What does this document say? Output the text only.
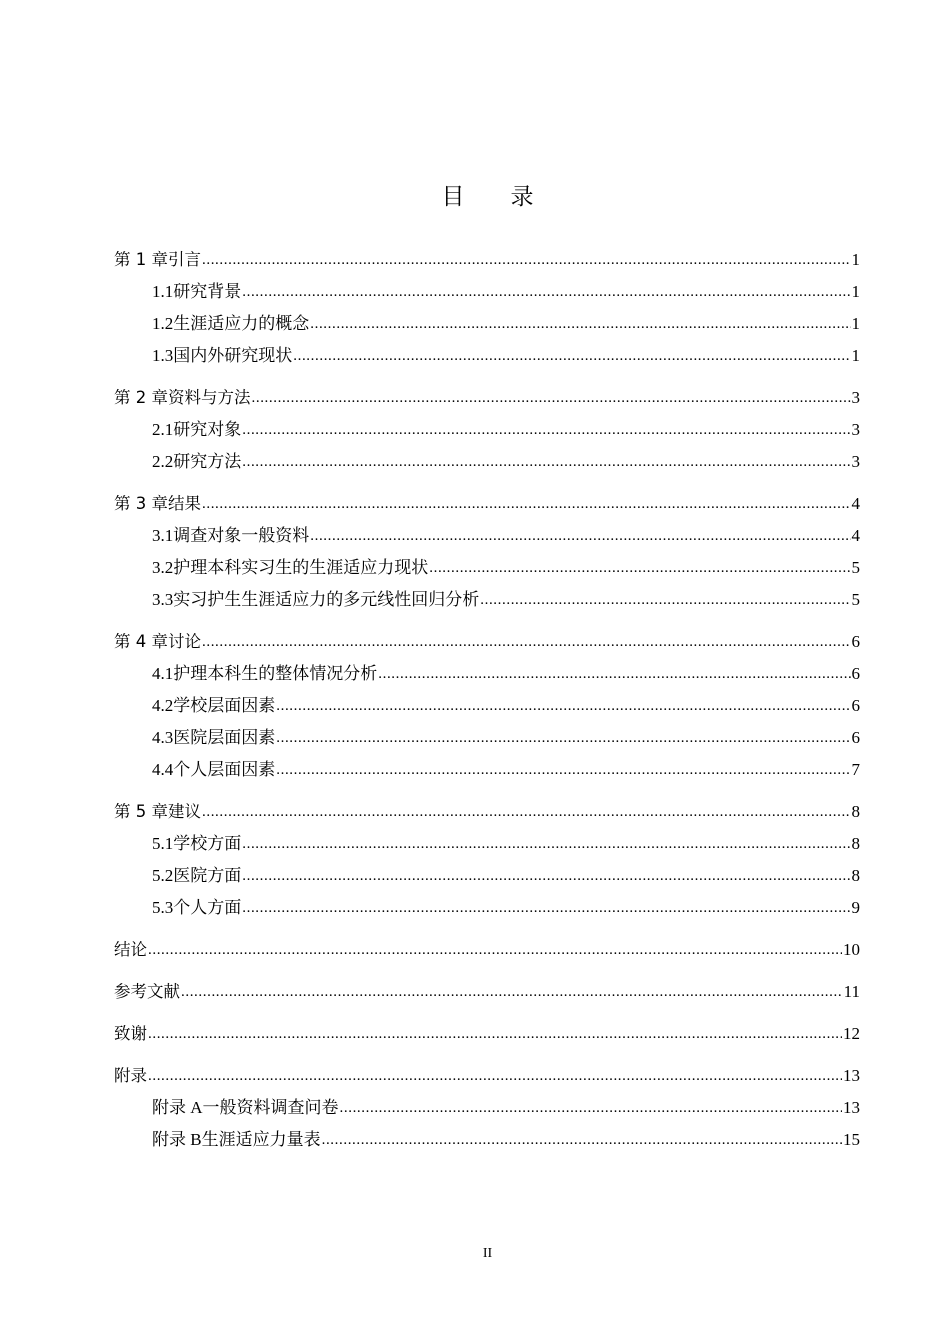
目 录
第 1 章 引言 .....	1
1.1 研究背景 .....	1
1.2 生涯适应力的概念 .....	1
1.3 国内外研究现状 .....	1
第 2 章 资料与方法 .....	3
2.1 研究对象 .....	3
2.2 研究方法 .....	3
第 3 章 结果 .....	4
3.1 调查对象一般资料 .....	4
3.2 护理本科实习生的生涯适应力现状 .....	5
3.3 实习护生生涯适应力的多元线性回归分析 .....	5
第 4 章 讨论 .....	6
4.1 护理本科生的整体情况分析 .....	6
4.2 学校层面因素 .....	6
4.3 医院层面因素 .....	6
4.4 个人层面因素 .....	7
第 5 章 建议 .....	8
5.1 学校方面 .....	8
5.2 医院方面 .....	8
5.3 个人方面 .....	9
结论 .....	10
参考文献 .....	11
致谢 .....	12
附录 .....	13
附录 A 一般资料调查问卷 .....	13
附录 B 生涯适应力量表 .....	15
II
